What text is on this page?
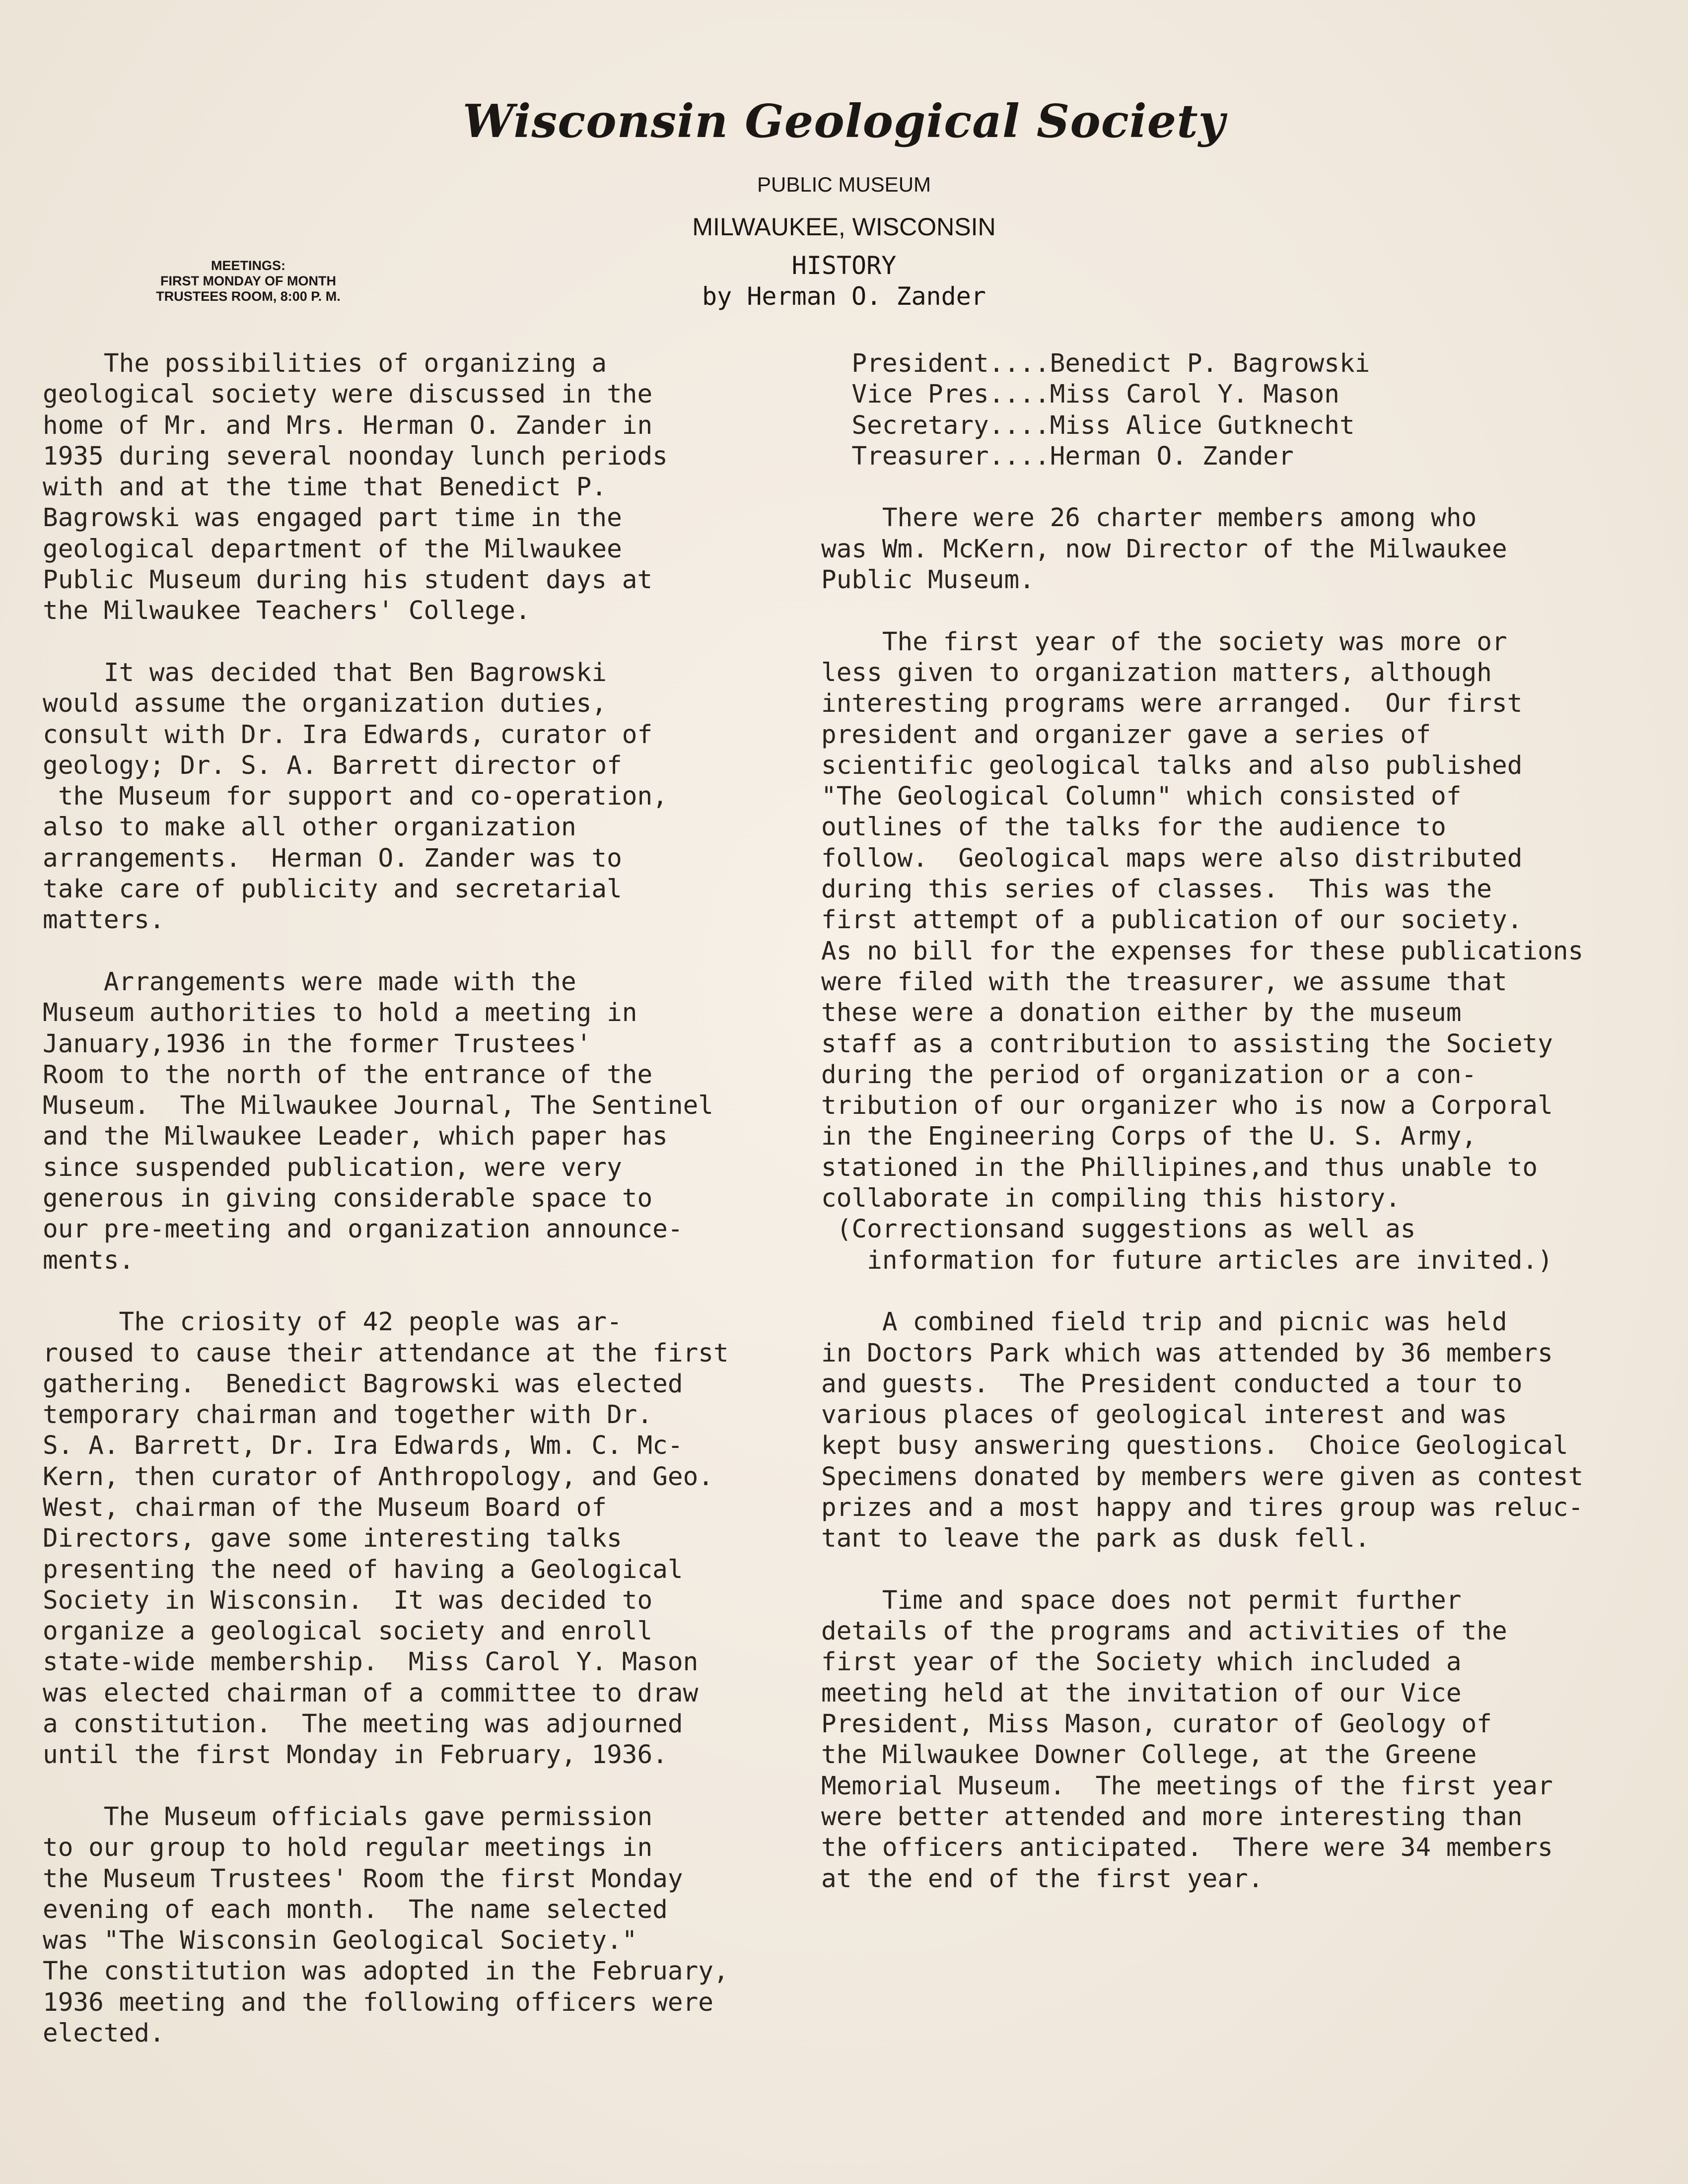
Wisconsin Geological Society
PUBLIC MUSEUM
MILWAUKEE, WISCONSIN
MEETINGS:
FIRST MONDAY OF MONTH
TRUSTEES ROOM, 8:00 P. M.
HISTORY
by Herman O. Zander
The possibilities of organizing a
geological society were discussed in the
home of Mr. and Mrs. Herman O. Zander in
1935 during several noonday lunch periods
with and at the time that Benedict P.
Bagrowski was engaged part time in the
geological department of the Milwaukee
Public Museum during his student days at
the Milwaukee Teachers' College.
It was decided that Ben Bagrowski
would assume the organization duties,
consult with Dr. Ira Edwards, curator of
geology; Dr. S. A. Barrett director of
the Museum for support and co-operation,
also to make all other organization
arrangements.  Herman O. Zander was to
take care of publicity and secretarial
matters.
Arrangements were made with the
Museum authorities to hold a meeting in
January,1936 in the former Trustees'
Room to the north of the entrance of the
Museum.  The Milwaukee Journal, The Sentinel
and the Milwaukee Leader, which paper has
since suspended publication, were very
generous in giving considerable space to
our pre-meeting and organization announce-
ments.
The criosity of 42 people was ar-
roused to cause their attendance at the first
gathering.  Benedict Bagrowski was elected
temporary chairman and together with Dr.
S. A. Barrett, Dr. Ira Edwards, Wm. C. Mc-
Kern, then curator of Anthropology, and Geo.
West, chairman of the Museum Board of
Directors, gave some interesting talks
presenting the need of having a Geological
Society in Wisconsin.  It was decided to
organize a geological society and enroll
state-wide membership.  Miss Carol Y. Mason
was elected chairman of a committee to draw
a constitution.  The meeting was adjourned
until the first Monday in February, 1936.
The Museum officials gave permission
to our group to hold regular meetings in
the Museum Trustees' Room the first Monday
evening of each month.  The name selected
was "The Wisconsin Geological Society."
The constitution was adopted in the February,
1936 meeting and the following officers were
elected.
President....Benedict P. Bagrowski
Vice Pres....Miss Carol Y. Mason
Secretary....Miss Alice Gutknecht
Treasurer....Herman O. Zander
There were 26 charter members among who
was Wm. McKern, now Director of the Milwaukee
Public Museum.
The first year of the society was more or
less given to organization matters, although
interesting programs were arranged.  Our first
president and organizer gave a series of
scientific geological talks and also published
"The Geological Column" which consisted of
outlines of the talks for the audience to
follow.  Geological maps were also distributed
during this series of classes.  This was the
first attempt of a publication of our society.
As no bill for the expenses for these publications
were filed with the treasurer, we assume that
these were a donation either by the museum
staff as a contribution to assisting the Society
during the period of organization or a con-
tribution of our organizer who is now a Corporal
in the Engineering Corps of the U. S. Army,
stationed in the Phillipines,and thus unable to
collaborate in compiling this history.
(Correctionsand suggestions as well as
information for future articles are invited.)
A combined field trip and picnic was held
in Doctors Park which was attended by 36 members
and guests.  The President conducted a tour to
various places of geological interest and was
kept busy answering questions.  Choice Geological
Specimens donated by members were given as contest
prizes and a most happy and tires group was reluc-
tant to leave the park as dusk fell.
Time and space does not permit further
details of the programs and activities of the
first year of the Society which included a
meeting held at the invitation of our Vice
President, Miss Mason, curator of Geology of
the Milwaukee Downer College, at the Greene
Memorial Museum.  The meetings of the first year
were better attended and more interesting than
the officers anticipated.  There were 34 members
at the end of the first year.
